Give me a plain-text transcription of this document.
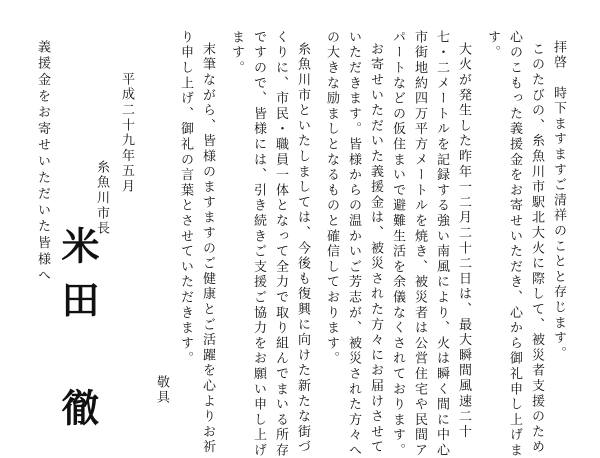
拝啓　時下ますますご清祥のことと存じます。
このたびの、糸魚川市駅北大火に際して、被災者支援のため
心のこもった義援金をお寄せいただき、心から御礼申し上げま
す。
大火が発生した昨年一二月二十二日は、最大瞬間風速二十
七・二メートルを記録する強い南風により、火は瞬く間に中心
市街地約四万平方メートルを焼き、被災者は公営住宅や民間ア
パートなどの仮住まいで避難生活を余儀なくされております。
お寄せいただいた義援金は、被災された方々にお届けさせて
いただきます。皆様からの温かいご芳志が、被災された方々へ
の大きな励ましとなるものと確信しております。
糸魚川市といたしましては、今後も復興に向けた新たな街づ
くりに、市民・職員一体となって全力で取り組んでまいる所存
ですので、皆様には、引き続きご支援ご協力をお願い申し上げ
ます。
末筆ながら、皆様のますますのご健康とご活躍を心よりお祈
り申し上げ、御礼の言葉とさせていただきます。
敬具
平成二十九年五月
糸魚川市長
米田　徹
義援金をお寄せいただいた皆様へ
